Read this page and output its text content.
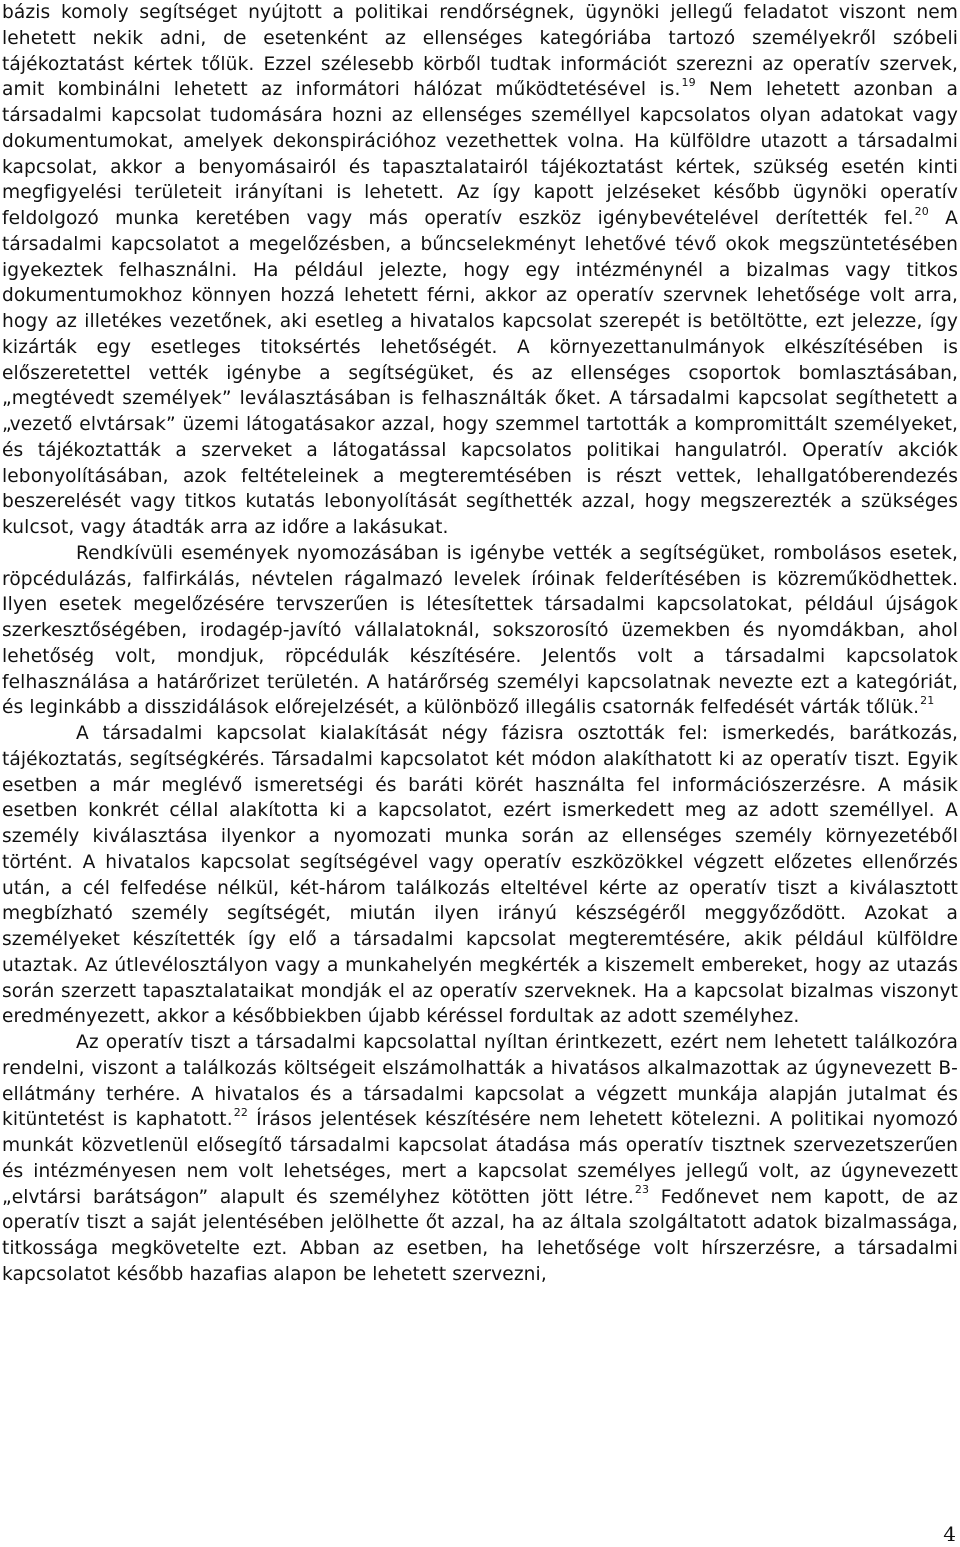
bázis komoly segítséget nyújtott a politikai rendőrségnek, ügynöki jellegű feladatot viszont nem lehetett nekik adni, de esetenként az ellenséges kategóriába tartozó személyekről szóbeli tájékoztatást kértek tőlük. Ezzel szélesebb körből tudtak információt szerezni az operatív szervek, amit kombinálni lehetett az informátori hálózat működtetésével is.$^{19}$ Nem lehetett azonban a társadalmi kapcsolat tudomására hozni az ellenséges személlyel kapcsolatos olyan adatokat vagy dokumentumokat, amelyek dekonspirációhoz vezethettek volna. Ha külföldre utazott a társadalmi kapcsolat, akkor a benyomásairól és tapasztalatairól tájékoztatást kértek, szükség esetén kinti megfigyelési területeit irányítani is lehetett. Az így kapott jelzéseket később ügynöki operatív feldolgozó munka keretében vagy más operatív eszköz igénybevételével derítették fel.$^{20}$ A társadalmi kapcsolatot a megelőzésben, a bűncselekményt lehetővé tévő okok megszüntetésében igyekeztek felhasználni. Ha például jelezte, hogy egy intézménynél a bizalmas vagy titkos dokumentumokhoz könnyen hozzá lehetett férni, akkor az operatív szervnek lehetősége volt arra, hogy az illetékes vezetőnek, aki esetleg a hivatalos kapcsolat szerepét is betöltötte, ezt jelezze, így kizárták egy esetleges titoksértés lehetőségét. A környezettanulmányok elkészítésében is előszeretettel vették igénybe a segítségüket, és az ellenséges csoportok bomlasztásában, „megtévedt személyek” leválasztásában is felhasználták őket. A társadalmi kapcsolat segíthetett a „vezető elvtársak” üzemi látogatásakor azzal, hogy szemmel tartották a kompromittált személyeket, és tájékoztatták a szerveket a látogatással kapcsolatos politikai hangulatról. Operatív akciók lebonyolításában, azok feltételeinek a megteremtésében is részt vettek, lehallgatóberendezés beszerelését vagy titkos kutatás lebonyolítását segíthették azzal, hogy megszerezték a szükséges kulcsot, vagy átadták arra az időre a lakásukat.

Rendkívüli események nyomozásában is igénybe vették a segítségüket, rombolásos esetek, röpcédulázás, falfirkálás, névtelen rágalmazó levelek íróinak felderítésében is közreműködhettek. Ilyen esetek megelőzésére tervszerűen is létesítettek társadalmi kapcsolatokat, például újságok szerkesztőségében, irodagép-javító vállalatoknál, sokszorosító üzemekben és nyomdákban, ahol lehetőség volt, mondjuk, röpcédulák készítésére. Jelentős volt a társadalmi kapcsolatok felhasználása a határőrizet területén. A határőrség személyi kapcsolatnak nevezte ezt a kategóriát, és leginkább a disszidálások előrejelzését, a különböző illegális csatornák felfedését várták tőlük.$^{21}$

A társadalmi kapcsolat kialakítását négy fázisra osztották fel: ismerkedés, barátkozás, tájékoztatás, segítségkérés. Társadalmi kapcsolatot két módon alakíthatott ki az operatív tiszt. Egyik esetben a már meglévő ismeretségi és baráti körét használta fel információszerzésre. A másik esetben konkrét céllal alakította ki a kapcsolatot, ezért ismerkedett meg az adott személlyel. A személy kiválasztása ilyenkor a nyomozati munka során az ellenséges személy környezetéből történt. A hivatalos kapcsolat segítségével vagy operatív eszközökkel végzett előzetes ellenőrzés után, a cél felfedése nélkül, két-három találkozás elteltével kérte az operatív tiszt a kiválasztott megbízható személy segítségét, miután ilyen irányú készségéről meggyőződött. Azokat a személyeket készítették így elő a társadalmi kapcsolat megteremtésére, akik például külföldre utaztak. Az útlevélosztályon vagy a munkahelyén megkérték a kiszemelt embereket, hogy az utazás során szerzett tapasztalataikat mondják el az operatív szerveknek. Ha a kapcsolat bizalmas viszonyt eredményezett, akkor a későbbiekben újabb kéréssel fordultak az adott személyhez.

Az operatív tiszt a társadalmi kapcsolattal nyíltan érintkezett, ezért nem lehetett találkozóra rendelni, viszont a találkozás költségeit elszámolhatták a hivatásos alkalmazottak az úgynevezett B-ellátmány terhére. A hivatalos és a társadalmi kapcsolat a végzett munkája alapján jutalmat és kitüntetést is kaphatott.$^{22}$ Írásos jelentések készítésére nem lehetett kötelezni. A politikai nyomozó munkát közvetlenül elősegítő társadalmi kapcsolat átadása más operatív tisztnek szervezetszerűen és intézményesen nem volt lehetséges, mert a kapcsolat személyes jellegű volt, az úgynevezett „elvtársi barátságon” alapult és személyhez kötötten jött létre.$^{23}$ Fedőnevet nem kapott, de az operatív tiszt a saját jelentésében jelölhette őt azzal, ha az általa szolgáltatott adatok bizalmassága, titkossága megkövetelte ezt. Abban az esetben, ha lehetősége volt hírszerzésre, a társadalmi kapcsolatot később hazafias alapon be lehetett szervezni,

4
